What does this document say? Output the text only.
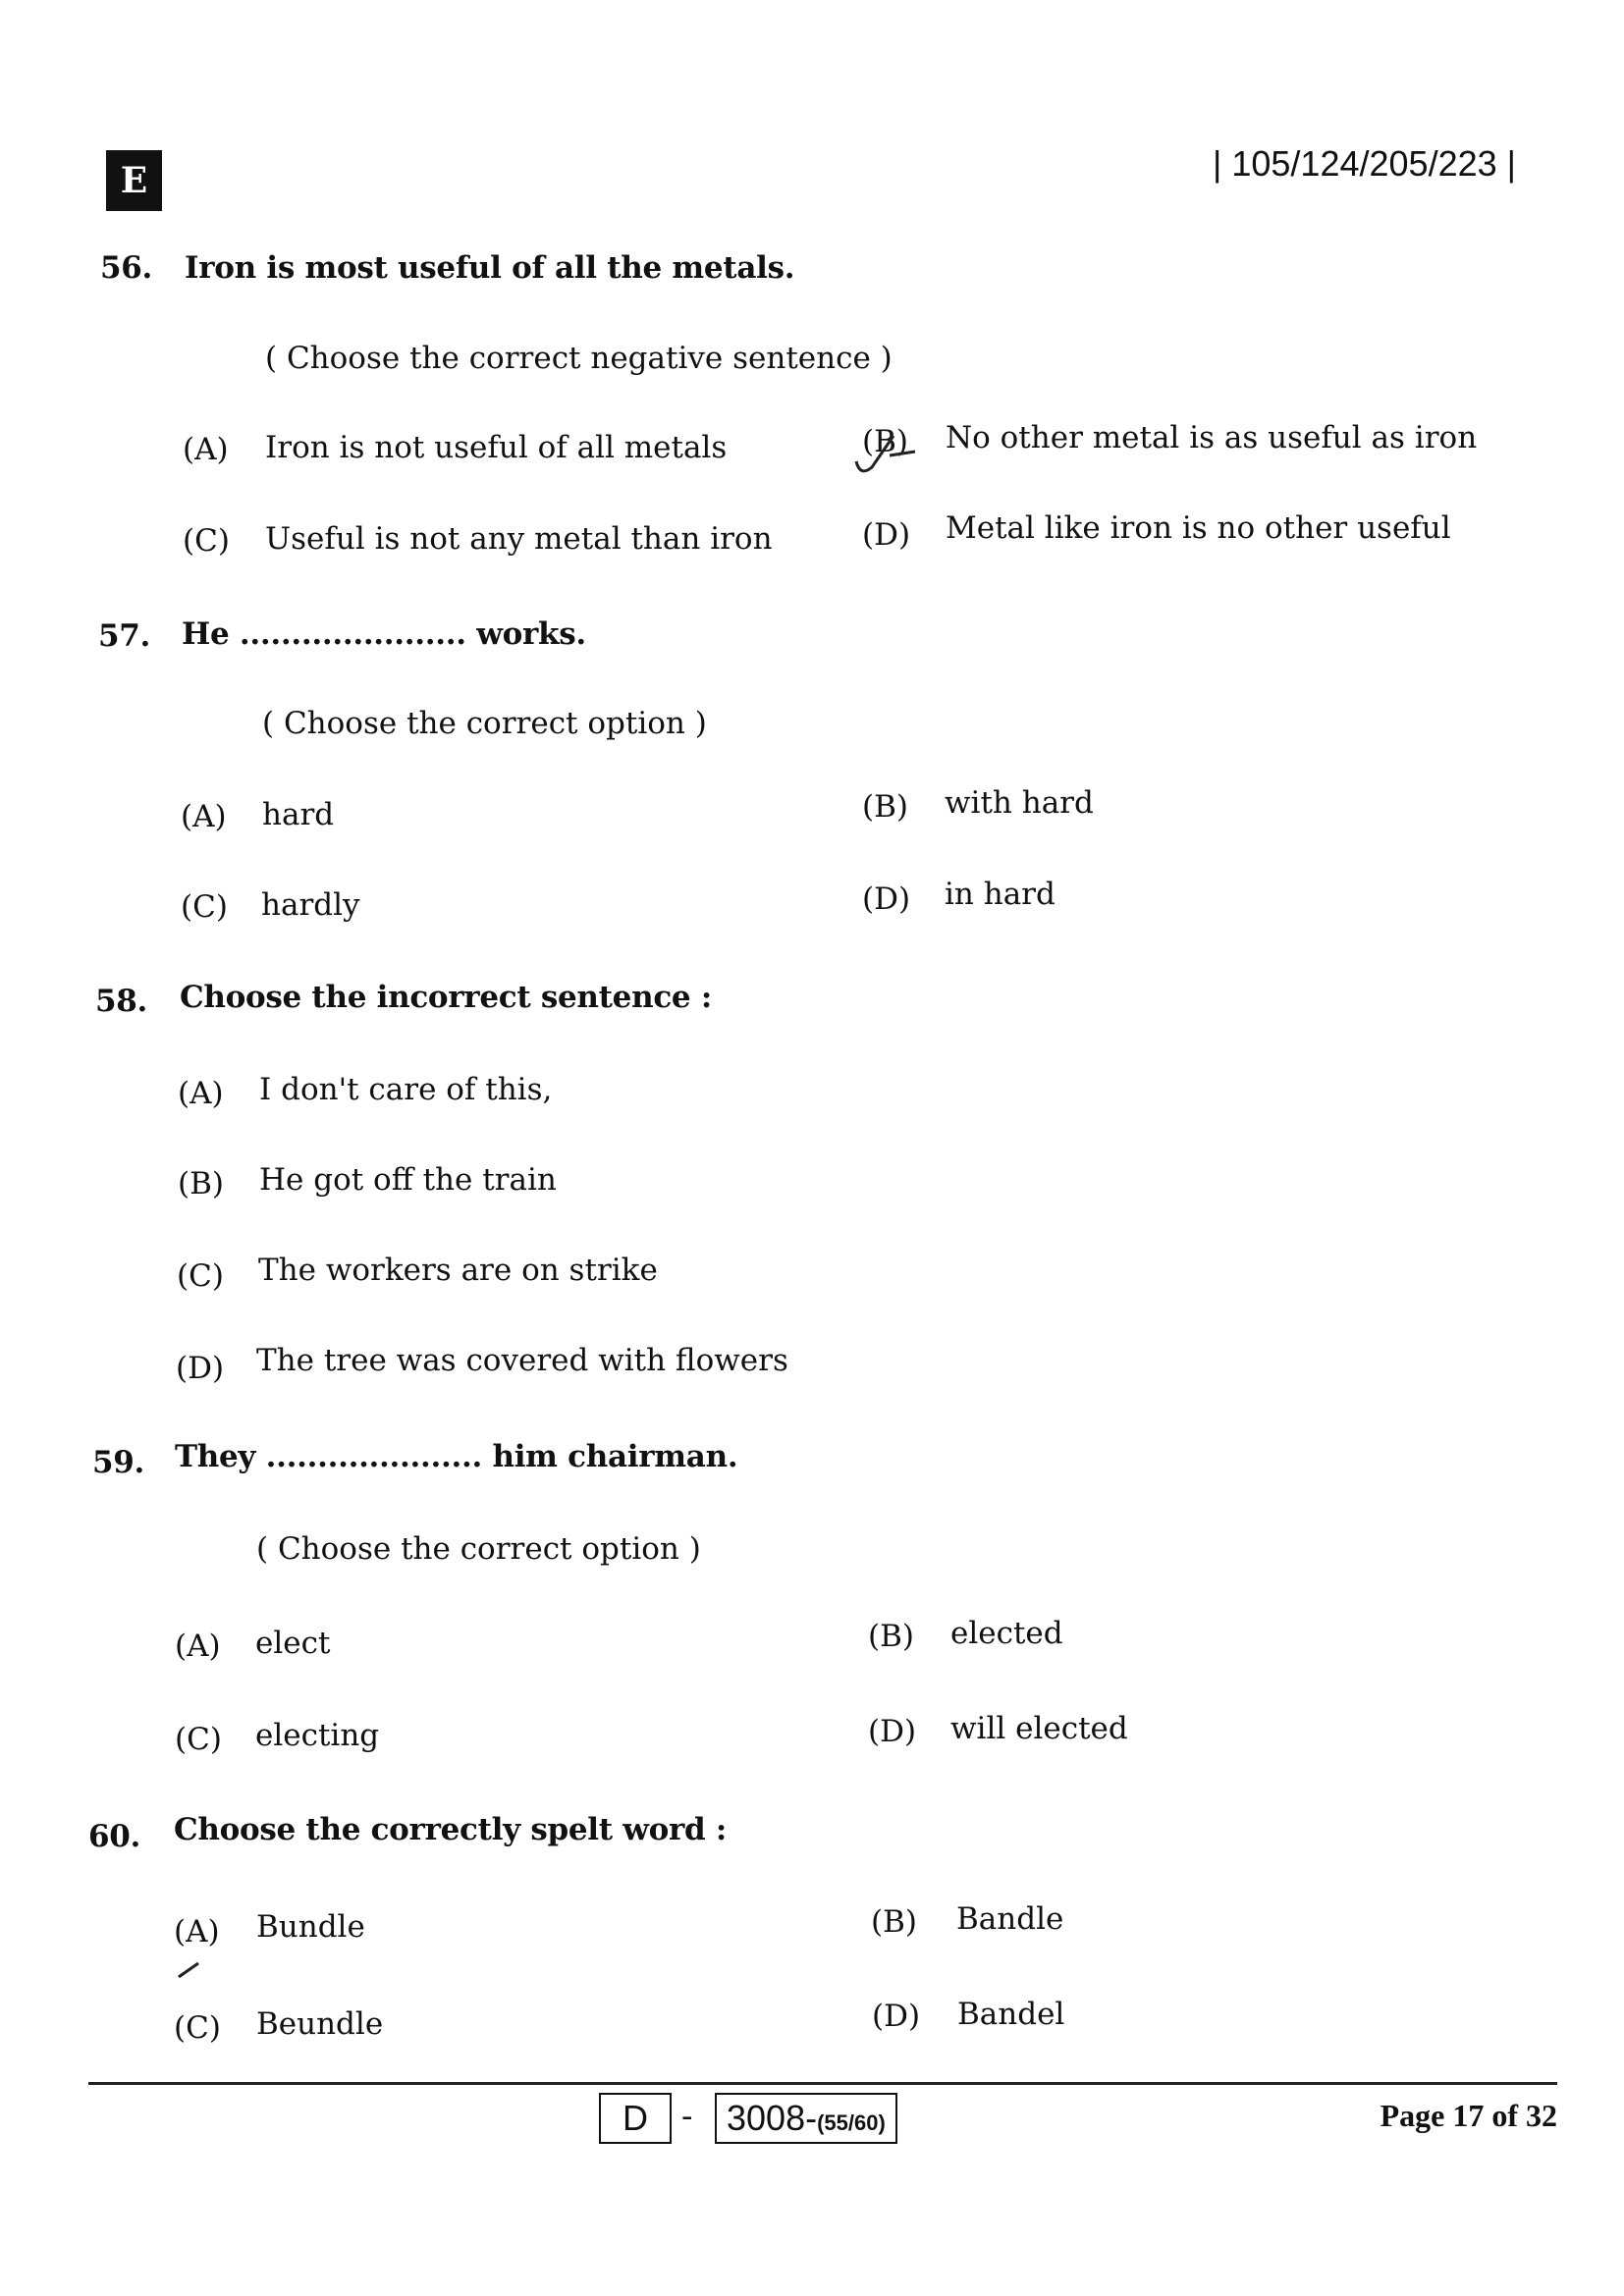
E	| 105/124/205/223 |
56. Iron is most useful of all the metals.
( Choose the correct negative sentence )
(A) Iron is not useful of all metals	(B) No other metal is as useful as iron
(C) Useful is not any metal than iron	(D) Metal like iron is no other useful
57. He ...................... works.
( Choose the correct option )
(A) hard	(B) with hard
(C) hardly	(D) in hard
58. Choose the incorrect sentence :
(A) I don't care of this,
(B) He got off the train
(C) The workers are on strike
(D) The tree was covered with flowers
59. They ..................... him chairman.
( Choose the correct option )
(A) elect	(B) elected
(C) electing	(D) will elected
60. Choose the correctly spelt word :
(A) Bundle	(B) Bandle
(C) Beundle	(D) Bandel
D	- 3008-(55/60)	Page 17 of 32
